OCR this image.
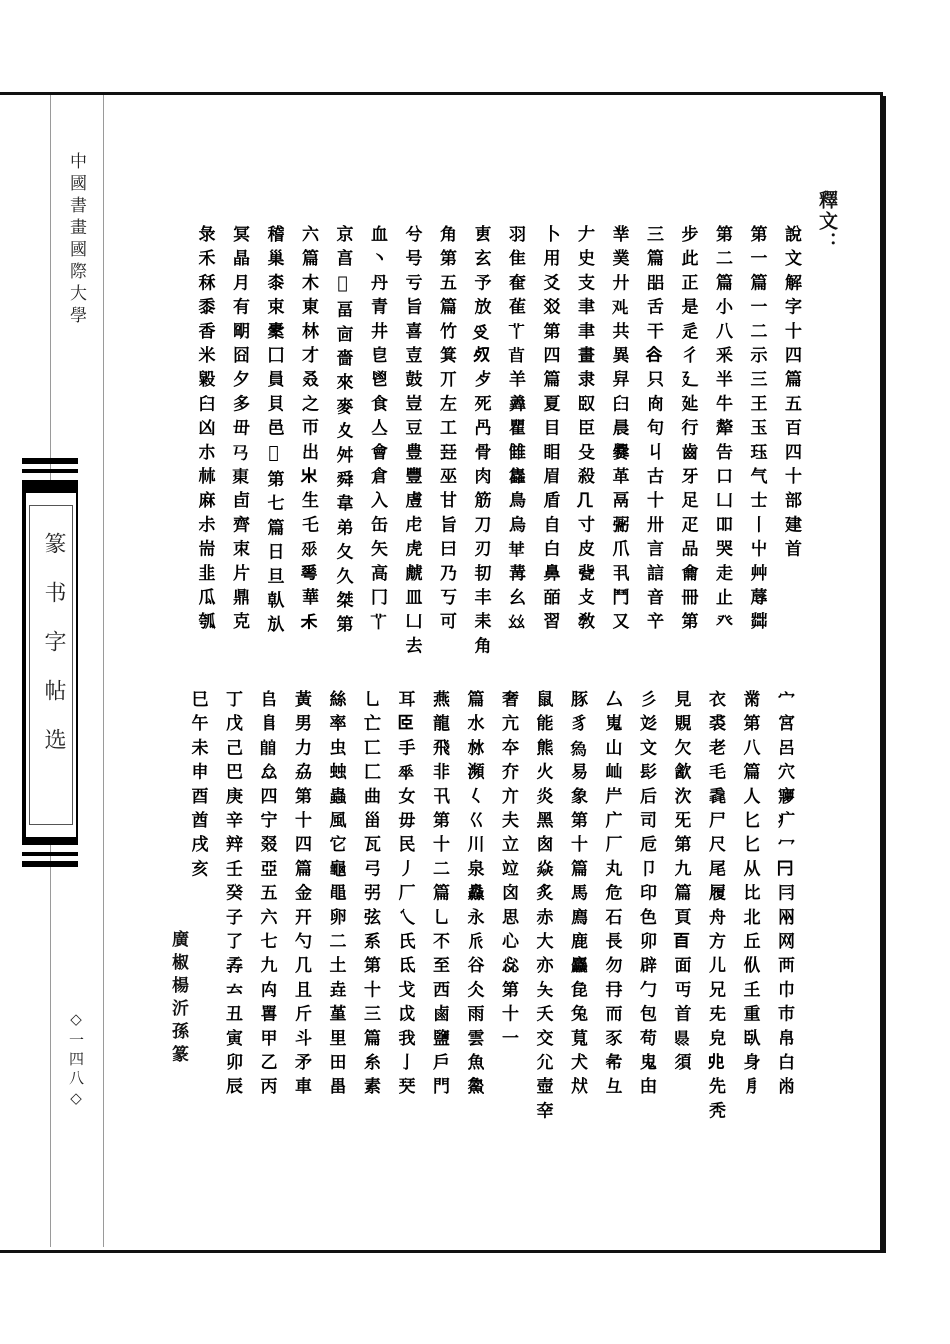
中國書畫國際大學
篆书字帖选
◇一四八◇
釋文：
廣椒楊沂孫篆
說文解字十四篇五百四十部建首
第一篇一二示三王玉珏气士丨屮艸蓐茻
第二篇小八釆半牛犛告口凵吅哭走止癶
步此正是辵彳廴㢟行齒牙足疋品龠冊第
三篇㗊舌干𧮫只㕯句丩古十卅言誩音䇂
丵菐廾𠬜共異舁𦥑晨爨革鬲䰜爪丮鬥又
𠂇史支聿聿畫隶臤臣殳殺𠘧寸皮㼱攴敎
卜用爻㸚第四篇夏目䀠眉盾自白鼻皕習
羽隹奞雈𦫳𥄕羊羴瞿雔雥鳥烏𠦒冓幺𢆶
叀玄予放𠬪𣦼歺死冎骨肉筋刀刃㓞丰耒角
角第五篇竹箕丌左工㠭巫甘旨曰乃丂可
兮号亏旨喜壴鼓豈豆豊豐䖒虍虎虤皿凵去
血丶丹青井皀鬯食亼會倉入缶矢高冂𦫳
京亯𣆪畐㐭嗇來麥夊舛舜韋弟夂久桀第
六篇木東林才叒之帀出𣎵生乇𠂹𠌶華𥝌
稽巢桼束㯻囗員貝邑𨛜第七篇日旦倝㫃
冥晶月有朙囧夕多毌𢎘𣐺卣齊朿片鼎克
彔禾秝黍香米毇臼凶朩𣏟麻尗耑韭瓜瓠
宀宮呂穴㝱疒冖𠔼冃㒳网襾巾巿帛白㡀
黹第八篇人匕匕从比北丘㐺𡈼重臥身㐆
衣裘老毛毳尸尺尾履舟方儿兄兂皃𠑹先秃
見覞欠㱃㳄旡第九篇頁𦣻面丏首𥄉須
彡彣文髟后司卮卩印色卯辟勹包苟鬼甶
厶嵬山屾屵广厂丸危石長勿冄而豕㣇彑
豚豸𤉢易象第十篇馬廌鹿麤㲋兔萈犬㹜
鼠能熊火炎黑囪焱炙赤大亦夨夭交尣壺㚔
奢亢夲夰亣夫立竝囟思心惢第十一
篇水沝瀕𡿨巜川泉灥永𠂢谷仌雨雲魚𩺰
燕龍飛非卂第十二篇乚不至西鹵鹽戶門
耳𦣞手𠦬女毋民丿厂乀氏氐戈戉我亅珡
乚亡匸匚曲甾瓦弓弜弦系第十三篇糸素
絲率虫䖵蟲風它龜黽卵二土垚堇里田畕
黃男力劦第十四篇金幵勺几且斤斗矛車
𠂤𨸏𨺅厽四宁叕亞五六七九禸嘼甲乙丙
丁戊己巴庚辛辡壬癸子了孨𠫓丑寅卯辰
巳午未申酉酋戌亥
